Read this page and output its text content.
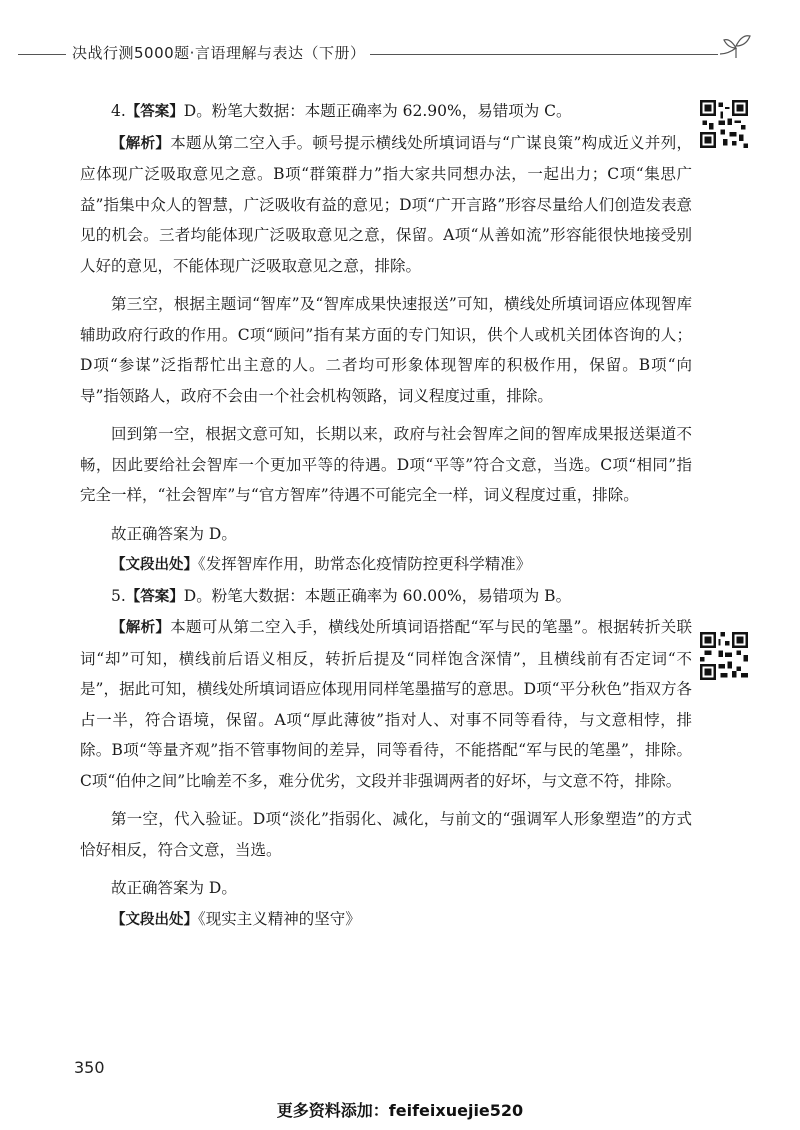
决战行测5000题·言语理解与表达（下册）

4.【答案】D。粉笔大数据：本题正确率为 62.90%，易错项为 C。

【解析】本题从第二空入手。顿号提示横线处所填词语与“广谋良策”构成近义并列，应体现广泛吸取意见之意。B项“群策群力”指大家共同想办法，一起出力；C项“集思广益”指集中众人的智慧，广泛吸收有益的意见；D项“广开言路”形容尽量给人们创造发表意见的机会。三者均能体现广泛吸取意见之意，保留。A项“从善如流”形容能很快地接受别人好的意见，不能体现广泛吸取意见之意，排除。

第三空，根据主题词“智库”及“智库成果快速报送”可知，横线处所填词语应体现智库辅助政府行政的作用。C项“顾问”指有某方面的专门知识，供个人或机关团体咨询的人；D项“参谋”泛指帮忙出主意的人。二者均可形象体现智库的积极作用，保留。B项“向导”指领路人，政府不会由一个社会机构领路，词义程度过重，排除。

回到第一空，根据文意可知，长期以来，政府与社会智库之间的智库成果报送渠道不畅，因此要给社会智库一个更加平等的待遇。D项“平等”符合文意，当选。C项“相同”指完全一样，“社会智库”与“官方智库”待遇不可能完全一样，词义程度过重，排除。

故正确答案为 D。

【文段出处】《发挥智库作用，助常态化疫情防控更科学精准》

5.【答案】D。粉笔大数据：本题正确率为 60.00%，易错项为 B。

【解析】本题可从第二空入手，横线处所填词语搭配“军与民的笔墨”。根据转折关联词“却”可知，横线前后语义相反，转折后提及“同样饱含深情”，且横线前有否定词“不是”，据此可知，横线处所填词语应体现用同样笔墨描写的意思。D项“平分秋色”指双方各占一半，符合语境，保留。A项“厚此薄彼”指对人、对事不同等看待，与文意相悖，排除。B项“等量齐观”指不管事物间的差异，同等看待，不能搭配“军与民的笔墨”，排除。C项“伯仲之间”比喻差不多，难分优劣，文段并非强调两者的好坏，与文意不符，排除。

第一空，代入验证。D项“淡化”指弱化、减化，与前文的“强调军人形象塑造”的方式恰好相反，符合文意，当选。

故正确答案为 D。

【文段出处】《现实主义精神的坚守》

350
更多资料添加：feifeixuejie520
